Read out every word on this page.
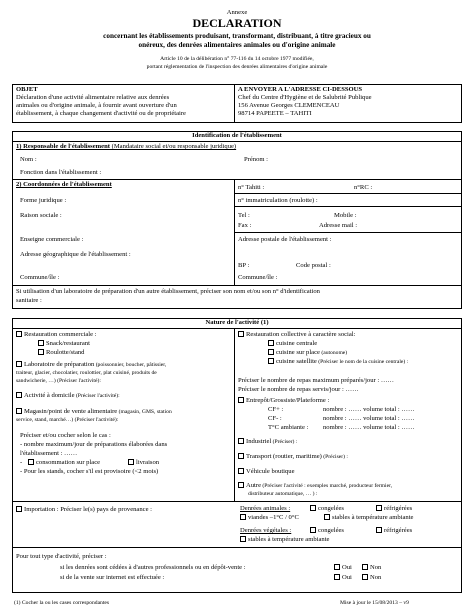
Annexe
DECLARATION
concernant les établissements produisant, transformant, distribuant, à titre gracieux ou
onéreux, des denrées alimentaires animales ou d'origine animale
Article 10 de la délibération n° 77-116 du 14 octobre 1977 modifiée,
portant réglementation de l'inspection des denrées alimentaires d'origine animale
OBJET
Déclaration d'une activité alimentaire relative aux denrées
animales ou d'origine animale, à fournir avant ouverture d'un
établissement, à chaque changement d'activité ou de propriétaire
A ENVOYER A L'ADRESSE CI-DESSOUS
Chef du Centre d'Hygiène et de Salubrité Publique
156 Avenue Georges CLEMENCEAU
98714 PAPEETE – TAHITI
Identification de l'établissement
1) Responsable de l'établissement (Mandataire social et/ou responsable juridique)
Nom :	Prénom :
Fonction dans l'établissement :
2) Coordonnées de l'établissement
Forme juridique :
Raison sociale :
Enseigne commerciale :
Adresse géographique de l'établissement :
Commune/île :
n° Tahiti :	n°RC :
n° immatriculation (roulotte) :
Tel :	Mobile :
Fax :	Adresse mail :
Adresse postale de l'établissement :
BP :	Code postal :
Commune/île :
Si utilisation d'un laboratoire de préparation d'un autre établissement, préciser son nom et/ou son n° d'identification
sanitaire :
Nature de l'activité (1)
Restauration commerciale :
Snack/restaurant
Roulotte/stand
Laboratoire de préparation (poissonnier, boucher, pâtissier,
traiteur, glacier, chocolatier, roulottier, plat cuisiné, produits de
sandwicherie, …) (Préciser l'activité):
Activité à domicile (Préciser l'activité):
Magasin/point de vente alimentaire (magasin, GMS, station
service, stand, marché…) (Préciser l'activité):
Préciser et/ou cocher selon le cas :
- nombre maximum/jour de préparations élaborées dans
l'établissement : ……
-	consommation sur place	livraison
- Pour les stands, cocher s'il est provisoire (<2 mois)
Restauration collective à caractère social:
cuisine centrale
cuisine sur place (autonome)
cuisine satellite (Préciser le nom de la cuisine centrale) :
Préciser le nombre de repas maximum préparés/jour : ……
Préciser le nombre de repas servis/jour : ……
Entrepôt/Grossiste/Plateforme :
CF+ :	nombre : …… volume total : ……
CF- :	nombre : …… volume total : ……
T°C ambiante : nombre : …… volume total : ……
Industriel (Préciser) :
Transport (routier, maritime) (Préciser) :
Véhicule boutique
Autre (Préciser l'activité : exemples marché, producteur fermier,
distributeur automatique, … ) :
Importation : Préciser le(s) pays de provenance :	Denrées animales :	congelées	réfrigérées
viandes –1°C / 0°C	stables à température ambiante
Denrées végétales :	congelées	réfrigérées
stables à température ambiante
Pour tout type d'activité, préciser :
si les denrées sont cédées à d'autres professionnels ou en dépôt-vente :	Oui	Non
si de la vente sur internet est effectuée :	Oui	Non
(1) Cocher la ou les cases correspondantes	Mise à jour le 15/08/2013 – v9
